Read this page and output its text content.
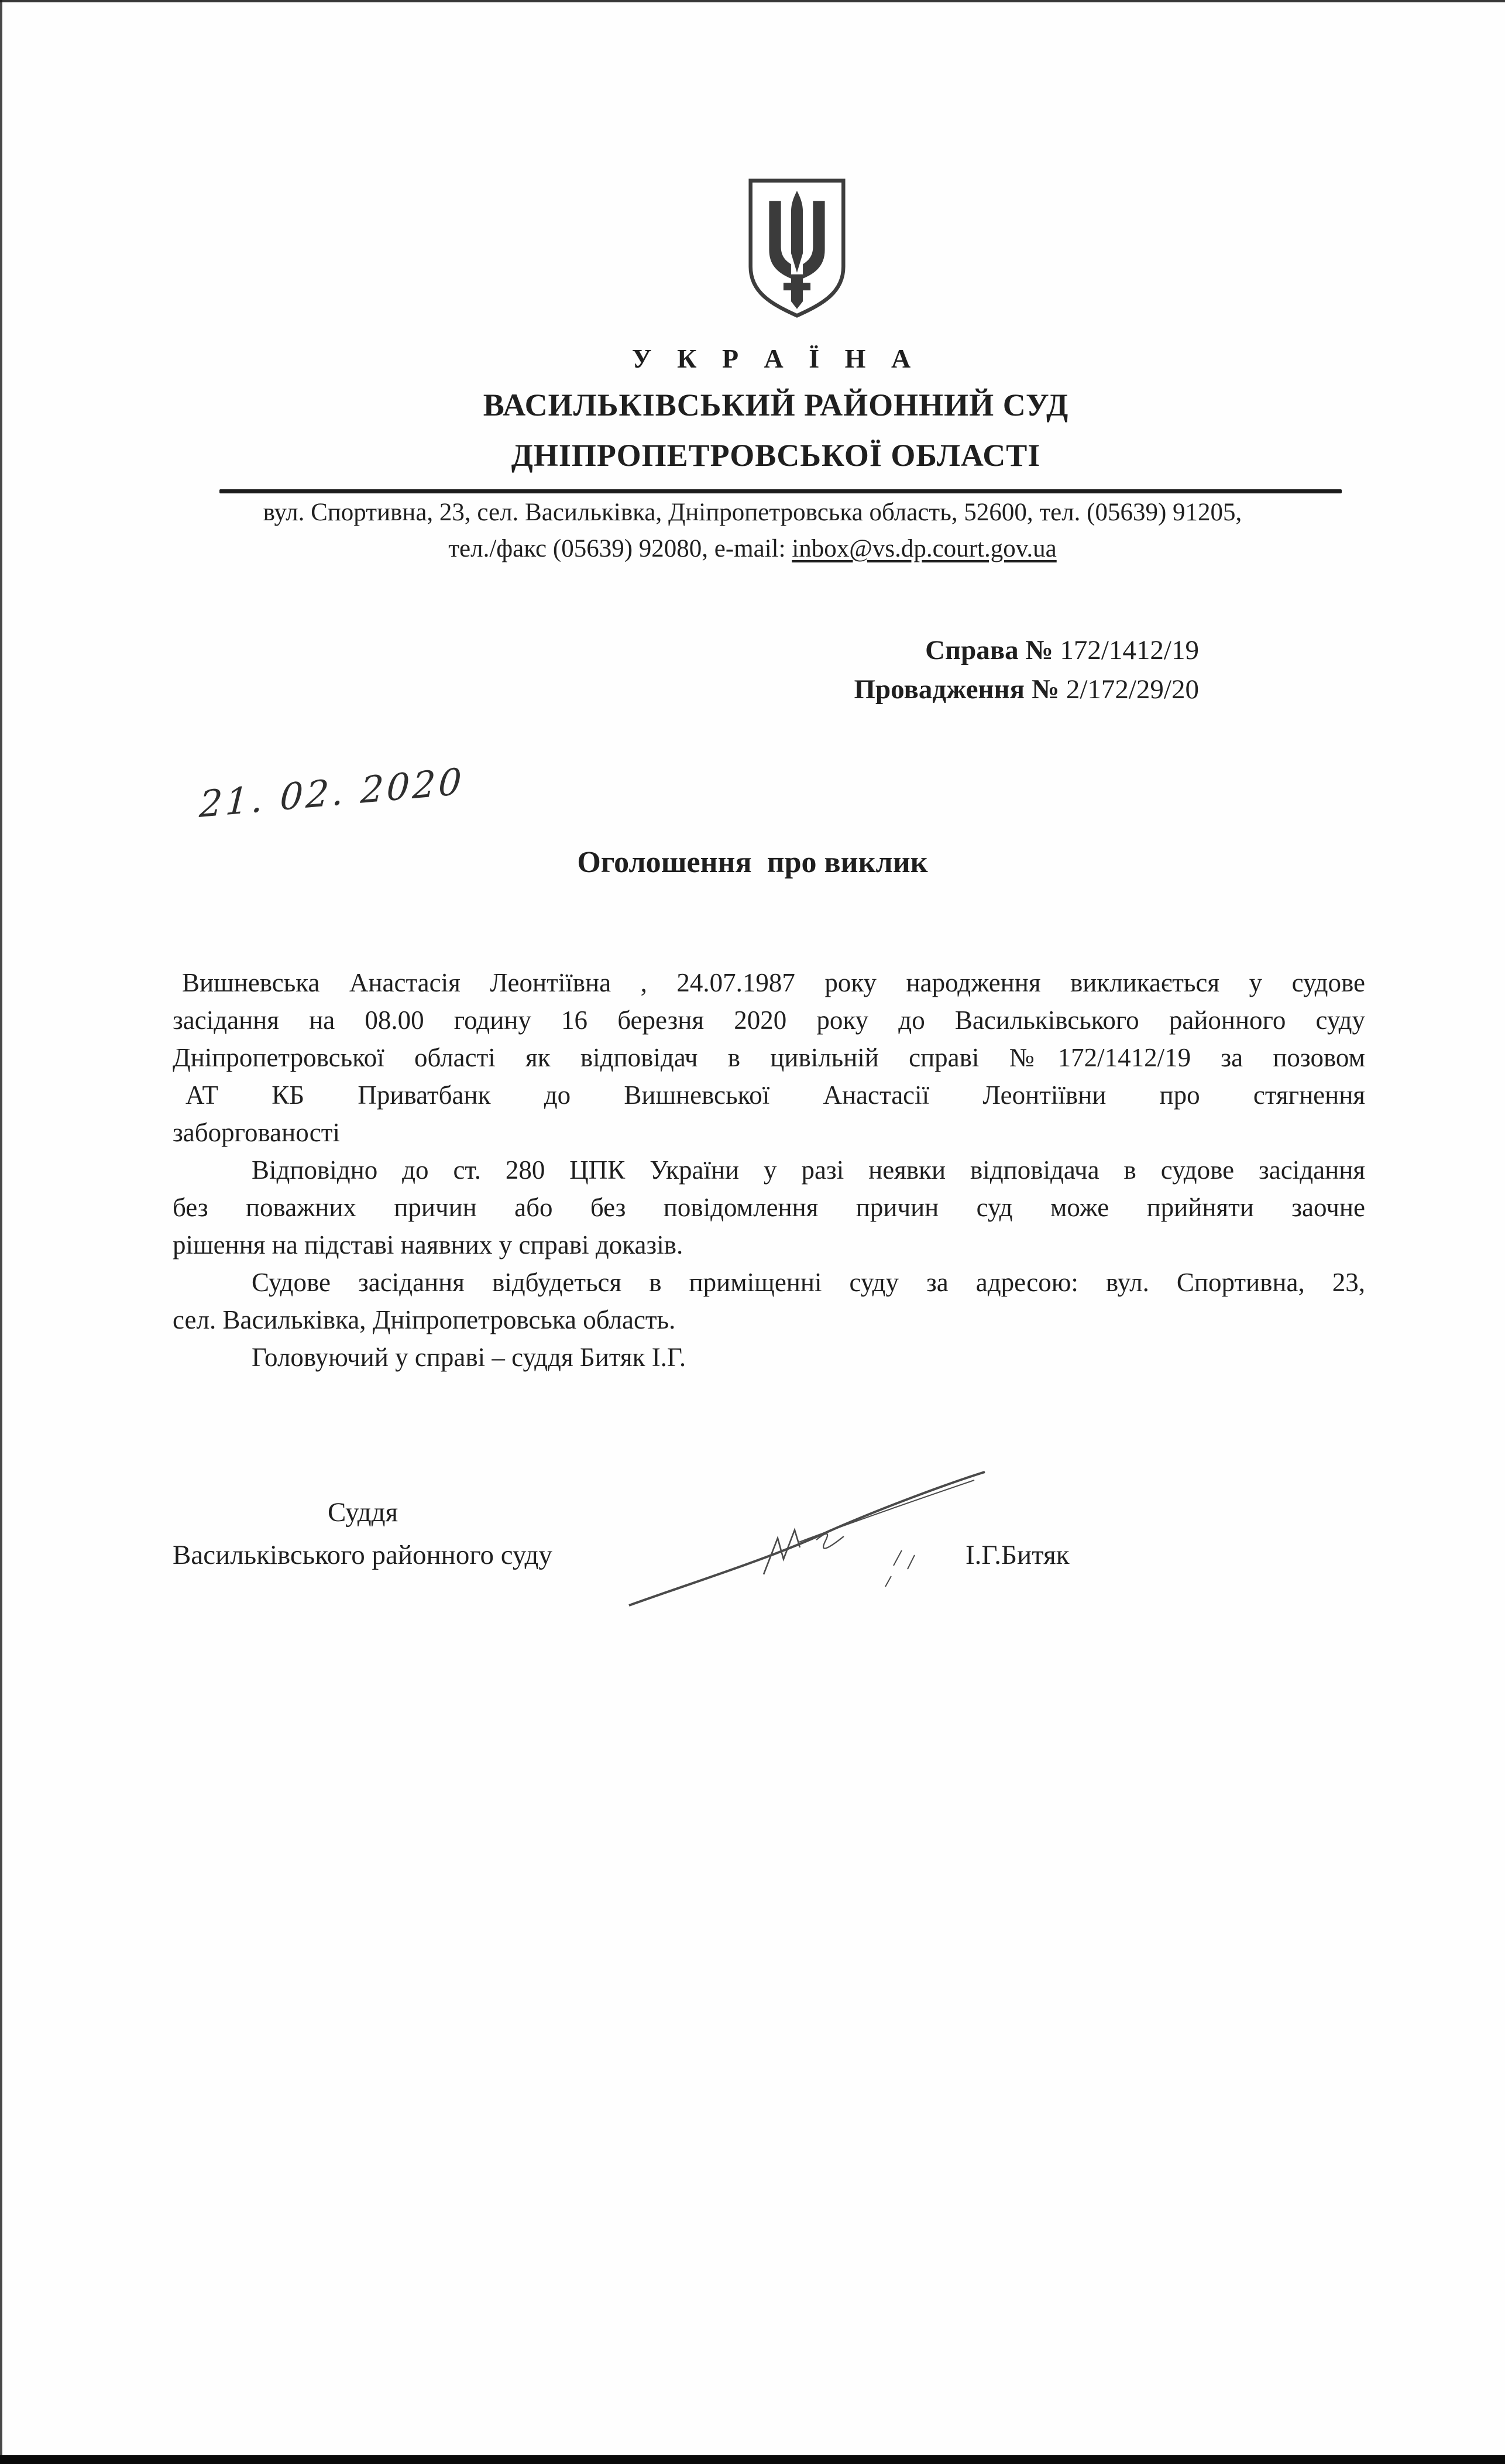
У К Р А Ї Н А
ВАСИЛЬКІВСЬКИЙ РАЙОННИЙ СУД
ДНІПРОПЕТРОВСЬКОЇ ОБЛАСТІ
вул. Спортивна, 23, сел. Васильківка, Дніпропетровська область, 52600, тел. (05639) 91205,
тел./факс (05639) 92080, e-mail: inbox@vs.dp.court.gov.ua
Справа № 172/1412/19
Провадження № 2/172/29/20
21. 02. 2020
Оголошення  про виклик
Вишневська Анастасія Леонтіївна , 24.07.1987 року народження викликається у судове
засідання на 08.00 годину 16 березня 2020 року до Васильківського районного суду
Дніпропетровської області як відповідач в цивільній справі №172/1412/19 за позовом
АТ КБ Приватбанк до Вишневської Анастасії Леонтіївни про стягнення
заборгованості
Відповідно до ст. 280 ЦПК України у разі неявки відповідача в судове засідання
без поважних причин або без повідомлення причин суд може прийняти заочне
рішення на підставі наявних у справі доказів.
Судове засідання відбудеться в приміщенні суду за адресою: вул. Спортивна, 23,
сел. Васильківка, Дніпропетровська область.
Головуючий у справі – суддя Битяк І.Г.
Суддя
Васильківського районного суду	І.Г.Битяк
